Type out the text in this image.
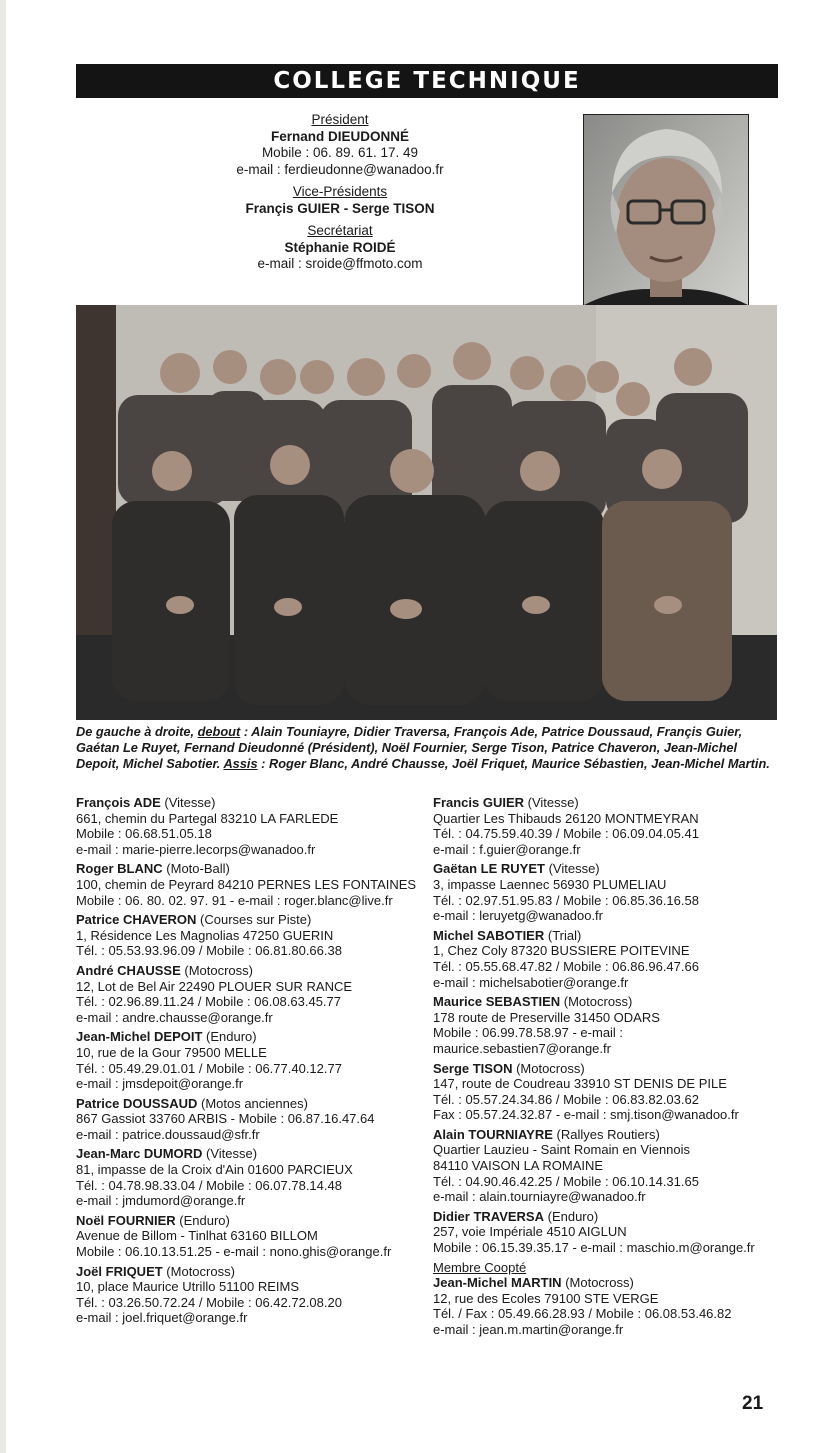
COLLEGE TECHNIQUE
Président
Fernand DIEUDONNÉ
Mobile : 06. 89. 61. 17. 49
e-mail : ferdieudonne@wanadoo.fr
Vice-Présidents
Françis GUIER - Serge TISON
Secrétariat
Stéphanie ROIDÉ
e-mail : sroide@ffmoto.com
De gauche à droite, debout : Alain Touniayre, Didier Traversa, François Ade, Patrice Doussaud, Françis Guier, Gaétan Le Ruyet, Fernand Dieudonné (Président), Noël Fournier, Serge Tison, Patrice Chaveron, Jean-Michel Depoit, Michel Sabotier. Assis : Roger Blanc, André Chausse, Joël Friquet, Maurice Sébastien, Jean-Michel Martin.
François ADE (Vitesse)
661, chemin du Partegal 83210 LA FARLEDE
Mobile : 06.68.51.05.18
e-mail : marie-pierre.lecorps@wanadoo.fr
Roger BLANC (Moto-Ball)
100, chemin de Peyrard 84210 PERNES LES FONTAINES
Mobile : 06. 80. 02. 97. 91 - e-mail : roger.blanc@live.fr
Patrice CHAVERON (Courses sur Piste)
1, Résidence Les Magnolias 47250 GUERIN
Tél. : 05.53.93.96.09 / Mobile : 06.81.80.66.38
André CHAUSSE (Motocross)
12, Lot de Bel Air 22490 PLOUER SUR RANCE
Tél. : 02.96.89.11.24 / Mobile : 06.08.63.45.77
e-mail : andre.chausse@orange.fr
Jean-Michel DEPOIT (Enduro)
10, rue de la Gour 79500 MELLE
Tél. : 05.49.29.01.01 / Mobile : 06.77.40.12.77
e-mail : jmsdepoit@orange.fr
Patrice DOUSSAUD (Motos anciennes)
867 Gassiot 33760 ARBIS - Mobile : 06.87.16.47.64
e-mail : patrice.doussaud@sfr.fr
Jean-Marc DUMORD (Vitesse)
81, impasse de la Croix d'Ain 01600 PARCIEUX
Tél. : 04.78.98.33.04 / Mobile : 06.07.78.14.48
e-mail : jmdumord@orange.fr
Noël FOURNIER (Enduro)
Avenue de Billom - Tinlhat 63160 BILLOM
Mobile : 06.10.13.51.25 - e-mail : nono.ghis@orange.fr
Joël FRIQUET (Motocross)
10, place Maurice Utrillo 51100 REIMS
Tél. : 03.26.50.72.24 / Mobile : 06.42.72.08.20
e-mail : joel.friquet@orange.fr
Francis GUIER (Vitesse)
Quartier Les Thibauds 26120 MONTMEYRAN
Tél. : 04.75.59.40.39 / Mobile : 06.09.04.05.41
e-mail : f.guier@orange.fr
Gaëtan LE RUYET (Vitesse)
3, impasse Laennec 56930 PLUMELIAU
Tél. : 02.97.51.95.83 / Mobile : 06.85.36.16.58
e-mail : leruyetg@wanadoo.fr
Michel SABOTIER (Trial)
1, Chez Coly 87320 BUSSIERE POITEVINE
Tél. : 05.55.68.47.82 / Mobile : 06.86.96.47.66
e-mail : michelsabotier@orange.fr
Maurice SEBASTIEN (Motocross)
178 route de Preserville 31450 ODARS
Mobile : 06.99.78.58.97 - e-mail : maurice.sebastien7@orange.fr
Serge TISON (Motocross)
147, route de Coudreau 33910 ST DENIS DE PILE
Tél. : 05.57.24.34.86 / Mobile : 06.83.82.03.62
Fax : 05.57.24.32.87 - e-mail : smj.tison@wanadoo.fr
Alain TOURNIAYRE (Rallyes Routiers)
Quartier Lauzieu - Saint Romain en Viennois
84110 VAISON LA ROMAINE
Tél. : 04.90.46.42.25 / Mobile : 06.10.14.31.65
e-mail : alain.tourniayre@wanadoo.fr
Didier TRAVERSA (Enduro)
257, voie Impériale 4510 AIGLUN
Mobile : 06.15.39.35.17 - e-mail : maschio.m@orange.fr
Membre Coopté
Jean-Michel MARTIN (Motocross)
12, rue des Ecoles 79100 STE VERGE
Tél. / Fax : 05.49.66.28.93 / Mobile : 06.08.53.46.82
e-mail : jean.m.martin@orange.fr
21
